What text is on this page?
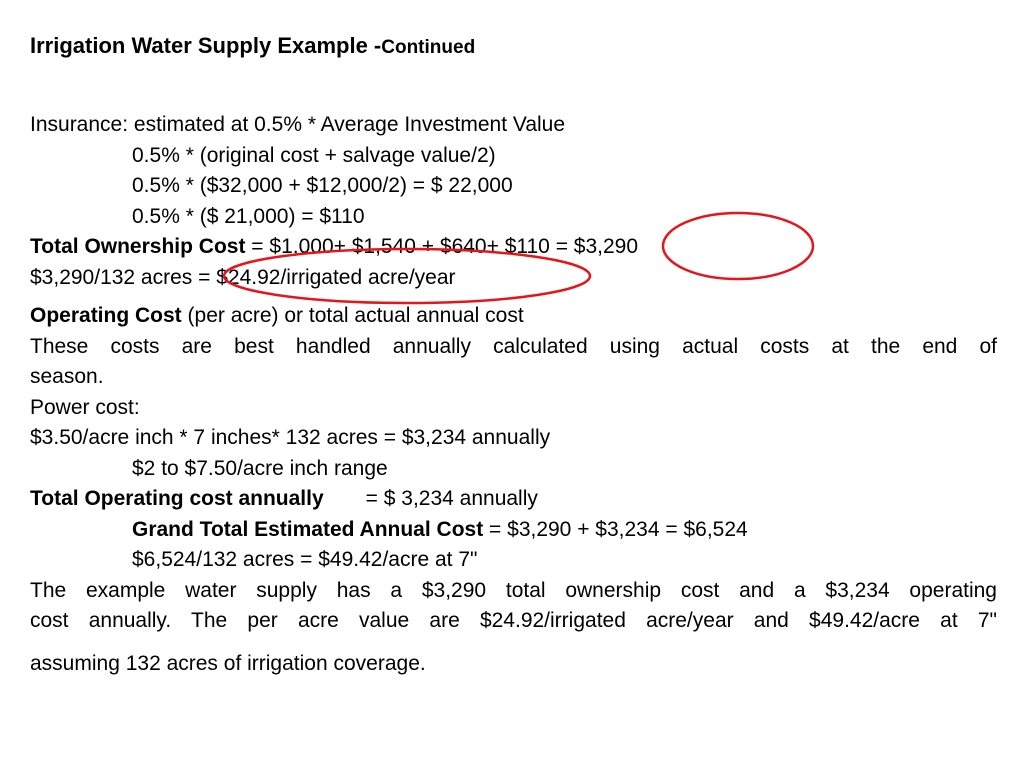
Irrigation Water Supply Example -Continued
Insurance: estimated at 0.5% * Average Investment Value
0.5% * (original cost + salvage value/2)
0.5% * ($32,000 + $12,000/2) = $ 22,000
0.5% * ($ 21,000) = $110
Total Ownership Cost = $1,000+ $1,540 + $640+ $110 = $3,290
$3,290/132 acres = $24.92/irrigated acre/year
Operating Cost (per acre) or total actual annual cost
These costs are best handled annually calculated using actual costs at the end of
season.
Power cost:
$3.50/acre inch * 7 inches* 132 acres = $3,234 annually
$2 to $7.50/acre inch range
Total Operating cost annually = $ 3,234 annually
Grand Total Estimated Annual Cost = $3,290 + $3,234 = $6,524
$6,524/132 acres = $49.42/acre at 7"
The example water supply has a $3,290 total ownership cost and a $3,234 operating
cost annually. The per acre value are $24.92/irrigated acre/year and $49.42/acre at 7"
assuming 132 acres of irrigation coverage.
